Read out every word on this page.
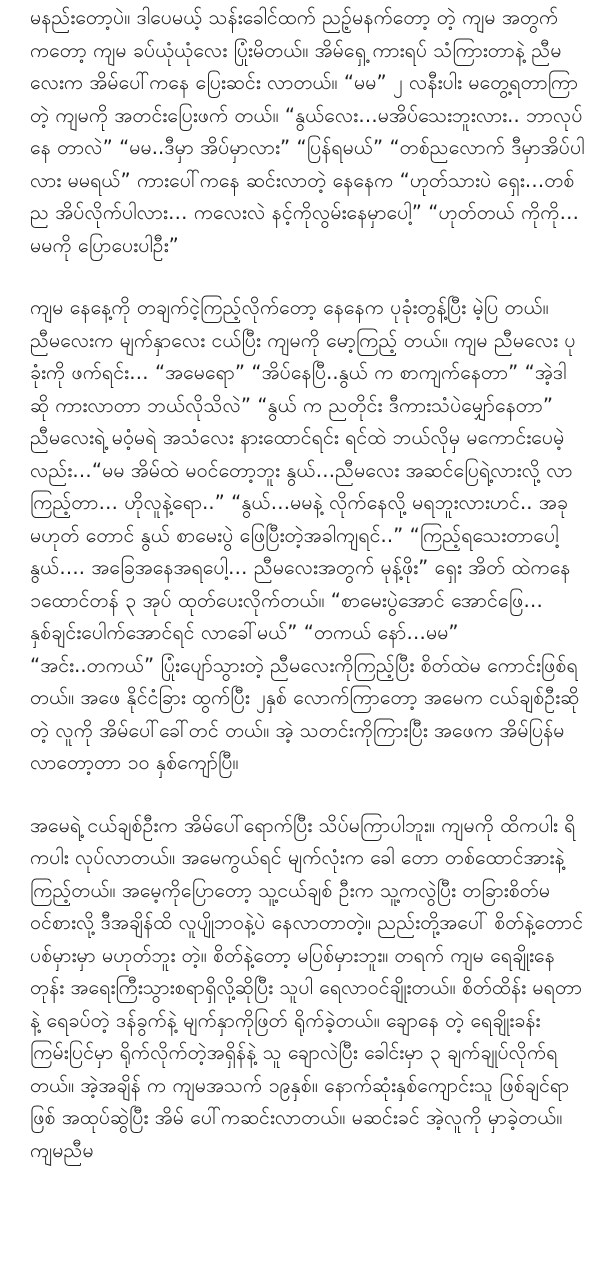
မနည်းတော့ပဲ။ ဒါပေမယ့် သန်းခေါင်ထက် ညဥ့်မနက်တော့ တဲ့ ကျမ အတွက်ကတော့ ကျမ ခပ်ယုံယုံလေး ပြုံးမိတယ်။ အိမ်ရှေ့ ကားရပ် သံကြားတာနဲ့ ညီမလေးက အိမ်ပေါ်ကနေ ပြေးဆင်း လာတယ်။ “မမ” ၂ လနီးပါး မတွေ့ရတာကြာတဲ့ ကျမကို အတင်းပြေးဖက် တယ်။ “နွယ်လေး…မအိပ်သေးဘူးလား.. ဘာလုပ်နေ တာလဲ” “မမ..ဒီမှာ အိပ်မှာလား” “ပြန်ရမယ်” “တစ်ညလောက် ဒီမှာအိပ်ပါ လား မမရယ်” ကားပေါ်ကနေ ဆင်းလာတဲ့ နေနေက “ဟုတ်သားပဲ ရှေး…တစ်ည အိပ်လိုက်ပါလား… ကလေးလဲ နင့်ကိုလွမ်းနေမှာပေါ့” “ဟုတ်တယ် ကိုကို…မမကို ပြောပေးပါဦး”

ကျမ နေနေ့ကို တချက်ငဲ့ကြည့်လိုက်တော့ နေနေက ပုခုံးတွန့်ပြီး မဲ့ပြ တယ်။ ညီမလေးက မျက်နှာလေး ငယ်ပြီး ကျမကို မော့ကြည့် တယ်။ ကျမ ညီမလေး ပုခုံးကို ဖက်ရင်း… “အမေရော” “အိပ်နေပြီ..နွယ် က စာကျက်နေတာ” “အဲ့ဒါဆို ကားလာတာ ဘယ်လိုသိလဲ” “နွယ် က ညတိုင်း ဒီကားသံပဲမျှော်နေတာ” ညီမလေးရဲ့ မဝံ့မရဲ အသံလေး နားထောင်ရင်း ရင်ထဲ ဘယ်လိုမှ မကောင်းပေမဲ့ လည်း…“မမ အိမ်ထဲ မဝင်တော့ဘူး နွယ်…ညီမလေး အဆင်ပြေရဲ့လားလို့ လာကြည့်တာ… ဟိုလူနဲ့ရော..” “နွယ်…မမနဲ့ လိုက်နေလို့ မရဘူးလားဟင်.. အခုမဟုတ် တောင် နွယ် စာမေးပွဲ ဖြေပြီးတဲ့အခါကျရင်..” “ကြည့်ရသေးတာပေါ့ နွယ်…. အခြေအနေအရပေါ့… ညီမလေးအတွက် မုန့်ဖိုး” ရှေး အိတ် ထဲကနေ ၁ထောင်တန် ၃ အုပ် ထုတ်ပေးလိုက်တယ်။ “စာမေးပွဲအောင် အောင်ဖြေ… နှစ်ချင်းပေါက်အောင်ရင် လာခေါ်မယ်” “တကယ် နော်…မမ” “အင်း..တကယ်” ပြုံးပျော်သွားတဲ့ ညီမလေးကိုကြည့်ပြီး စိတ်ထဲမ ကောင်းဖြစ်ရတယ်။ အဖေ နိုင်ငံခြား ထွက်ပြီး ၂နှစ် လောက်ကြာတော့ အမေက ငယ်ချစ်ဦးဆိုတဲ့ လူကို အိမ်ပေါ်ခေါ်တင် တယ်။ အဲ့ သတင်းကိုကြားပြီး အဖေက အိမ်ပြန်မလာတော့တာ ၁၀ နှစ်ကျော်ပြီ။

အမေရဲ့ ငယ်ချစ်ဦးက အိမ်ပေါ်ရောက်ပြီး သိပ်မကြာပါဘူး။ ကျမကို ထိကပါး ရိကပါး လုပ်လာတယ်။ အမေကွယ်ရင် မျက်လုံးက ခေါ တော တစ်ထောင်အားနဲ့ ကြည့်တယ်။ အမေ့ကိုပြောတော့ သူ့ငယ်ချစ် ဦးက သူ့ကလွဲပြီး တခြားစိတ်မဝင်စားလို့ ဒီအချိန်ထိ လူပျိုဘဝနဲ့ပဲ နေလာတာတဲ့။ ညည်းတို့အပေါ် စိတ်နဲ့တောင် ပစ်မှားမှာ မဟုတ်ဘူး တဲ့။ စိတ်နဲ့တော့ မပြစ်မှားဘူး။ တရက် ကျမ ရေချိုးနေတုန်း အရေးကြီးသွားစရာရှိလို့ဆိုပြီး သူပါ ရေလာဝင်ချိုးတယ်။ စိတ်ထိန်း မရတာနဲ့ ရေခပ်တဲ့ ဒန်ခွက်နဲ့ မျက်နှာကိုဖြတ် ရိုက်ခဲ့တယ်။ ချောနေ တဲ့ ရေချိုးခန်းကြမ်းပြင်မှာ ရိုက်လိုက်တဲ့အရှိန်နဲ့ သူ ချောလဲပြီး ခေါင်းမှာ ၃ ချက်ချုပ်လိုက်ရတယ်။ အဲ့အချိန် က ကျမအသက် ၁၉နှစ်။ နောက်ဆုံးနှစ်ကျောင်းသူ ဖြစ်ချင်ရာဖြစ် အထုပ်ဆွဲပြီး အိမ် ပေါ်ကဆင်းလာတယ်။ မဆင်းခင် အဲ့လူကို မှာခဲ့တယ်။ ကျမညီမ
